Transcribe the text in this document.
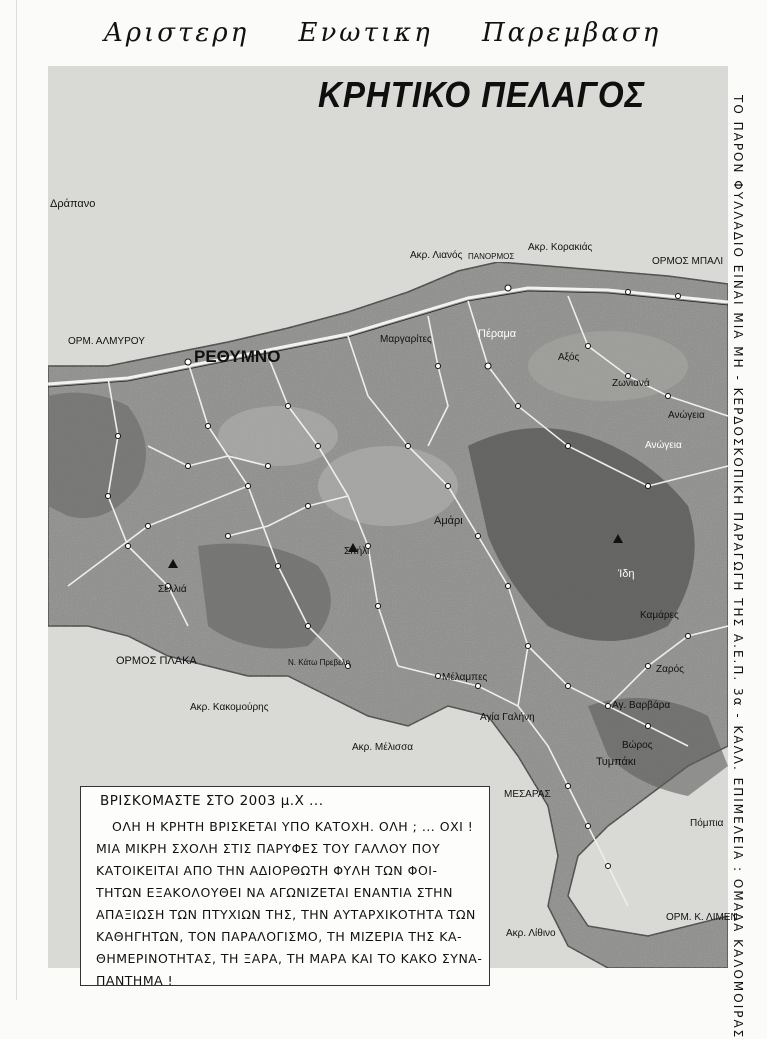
Αριστερη Ενωτικη Παρεμβαση
ΤΟ ΠΑΡΟΝ ΦΥΛΛΑΔΙΟ ΕΙΝΑΙ ΜΙΑ ΜΗ - ΚΕΡΔΟΣΚΟΠΙΚΗ ΠΑΡΑΓΩΓΗ ΤΗΣ Α.Ε.Π. 3α - ΚΑΛΛ. ΕΠΙΜΕΛΕΙΑ : ΟΜΑΔΑ ΚΑΛΟΜΟΙΡΑΣ
ΚΡΗΤΙΚΟ ΠΕΛΑΓΟΣ
Δράπανο
Ακρ. Λιανός ΠΑΝΟΡΜΟΣ
Ακρ. Κορακιάς
ΟΡΜΟΣ ΜΠΑΛΙ
ΟΡΜ. ΑΛΜΥΡΟΥ
ΡΕΘΥΜΝΟ
Πέραμα
Ανώγεια
Ανώγεια
Σπήλι
Αμάρι
Σελλιά
ΟΡΜΟΣ ΠΛΑΚΑ
Ακρ. Κακομούρης
Ακρ. Μέλισσα
Αγία Γαλήνη
Τυμπάκι
ΜΕΣΑΡΑΣ
Ακρ. Λίθινο
ΟΡΜ. Κ. ΛΙΜΕΝ
Ίδη
Μέλαμπες
Ν. Κάτω Πρεβελη
Μαργαρίτες
Ζωνιανά
Αξός
Καμάρες
Ζαρός
Αγ. Βαρβάρα
Βώρος
Πόμπια
ΒΡΙΣΚΟΜΑΣΤΕ ΣΤΟ 2003 μ.Χ ...
ΟΛΗ Η ΚΡΗΤΗ ΒΡΙΣΚΕΤΑΙ ΥΠΟ ΚΑΤΟΧΗ. ΟΛΗ ; ... ΟΧΙ !
ΜΙΑ ΜΙΚΡΗ ΣΧΟΛΗ ΣΤΙΣ ΠΑΡΥΦΕΣ ΤΟΥ ΓΑΛΛΟΥ ΠΟΥ
ΚΑΤΟΙΚΕΙΤΑΙ ΑΠΟ ΤΗΝ ΑΔΙΟΡΘΩΤΗ ΦΥΛΗ ΤΩΝ ΦΟΙ-
ΤΗΤΩΝ ΕΞΑΚΟΛΟΥΘΕΙ ΝΑ ΑΓΩΝΙΖΕΤΑΙ ΕΝΑΝΤΙΑ ΣΤΗΝ
ΑΠΑΞΙΩΣΗ ΤΩΝ ΠΤΥΧΙΩΝ ΤΗΣ, ΤΗΝ ΑΥΤΑΡΧΙΚΟΤΗΤΑ ΤΩΝ
ΚΑΘΗΓΗΤΩΝ, ΤΟΝ ΠΑΡΑΛΟΓΙΣΜΟ, ΤΗ ΜΙΖΕΡΙΑ ΤΗΣ ΚΑ-
ΘΗΜΕΡΙΝΟΤΗΤΑΣ, ΤΗ ΞΑΡΑ, ΤΗ ΜΑΡΑ ΚΑΙ ΤΟ ΚΑΚΟ ΣΥΝΑ-
ΠΑΝΤΗΜΑ !
